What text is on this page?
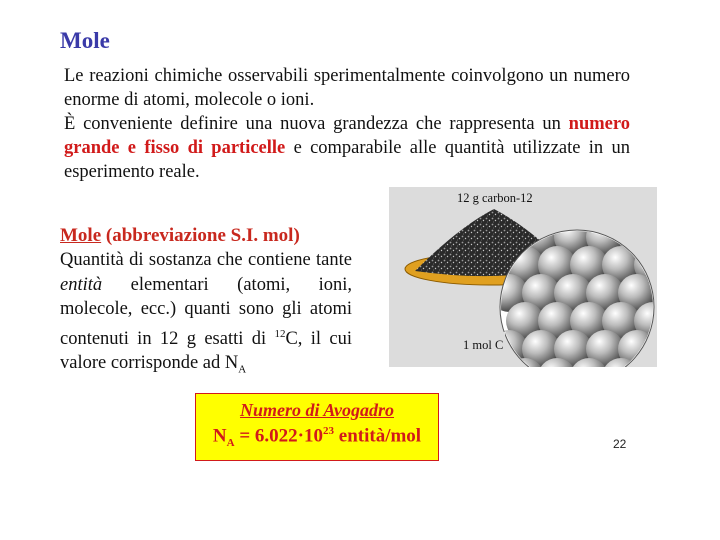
Mole

Le reazioni chimiche osservabili sperimentalmente coinvolgono un numero enorme di atomi, molecole o ioni.

È conveniente definire una nuova grandezza che rappresenta un numero grande e fisso di particelle e comparabile alle quantità utilizzate in un esperimento reale.

Mole (abbreviazione S.I. mol)

Quantità di sostanza che contiene tante entità elementari (atomi, ioni, molecole, ecc.) quanti sono gli atomi contenuti in 12 g esatti di $^{12}$C, il cui valore corrisponde ad $N_A$

12 g carbon-12
1 mol C
Numero di Avogadro
$N_A = 6.022\cdot 10^{23}$ entità/mol	22
